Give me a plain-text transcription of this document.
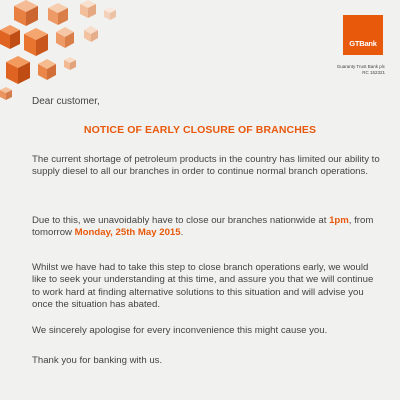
GTBank
Guaranty Trust Bank plc
RC 152321
Dear customer,
NOTICE OF EARLY CLOSURE OF BRANCHES

The current shortage of petroleum products in the country has limited our ability to supply diesel to all our branches in order to continue normal branch operations.

Due to this, we unavoidably have to close our branches nationwide at 1pm, from tomorrow Monday, 25th May 2015.

Whilst we have had to take this step to close branch operations early, we would like to seek your understanding at this time, and assure you that we will continue to work hard at finding alternative solutions to this situation and will advise you once the situation has abated.

We sincerely apologise for every inconvenience this might cause you.

Thank you for banking with us.
